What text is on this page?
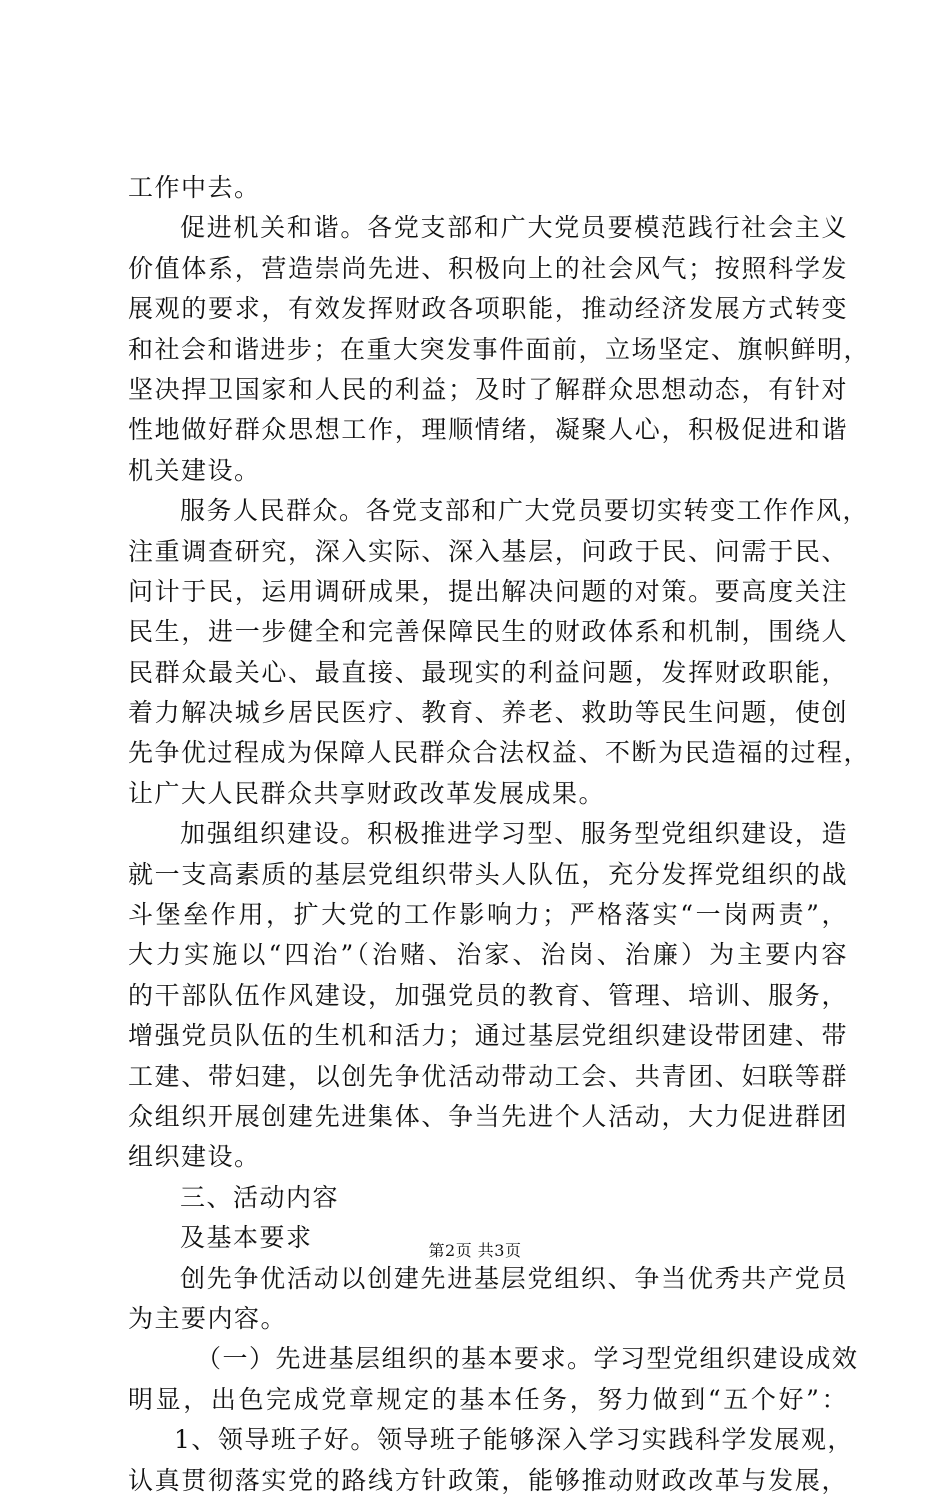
工作中去。
促进机关和谐。各党支部和广大党员要模范践行社会主义
价值体系，营造崇尚先进、积极向上的社会风气；按照科学发
展观的要求，有效发挥财政各项职能，推动经济发展方式转变
和社会和谐进步；在重大突发事件面前，立场坚定、旗帜鲜明，
坚决捍卫国家和人民的利益；及时了解群众思想动态，有针对
性地做好群众思想工作，理顺情绪，凝聚人心，积极促进和谐
机关建设。
服务人民群众。各党支部和广大党员要切实转变工作作风，
注重调查研究，深入实际、深入基层，问政于民、问需于民、
问计于民，运用调研成果，提出解决问题的对策。要高度关注
民生，进一步健全和完善保障民生的财政体系和机制，围绕人
民群众最关心、最直接、最现实的利益问题，发挥财政职能，
着力解决城乡居民医疗、教育、养老、救助等民生问题，使创
先争优过程成为保障人民群众合法权益、不断为民造福的过程，
让广大人民群众共享财政改革发展成果。
加强组织建设。积极推进学习型、服务型党组织建设，造
就一支高素质的基层党组织带头人队伍，充分发挥党组织的战
斗堡垒作用，扩大党的工作影响力；严格落实“一岗两责”，
大力实施以“四治”（治赌、治家、治岗、治廉）为主要内容
的干部队伍作风建设，加强党员的教育、管理、培训、服务，
增强党员队伍的生机和活力；通过基层党组织建设带团建、带
工建、带妇建，以创先争优活动带动工会、共青团、妇联等群
众组织开展创建先进集体、争当先进个人活动，大力促进群团
组织建设。
三、活动内容
及基本要求
创先争优活动以创建先进基层党组织、争当优秀共产党员
为主要内容。
（一）先进基层组织的基本要求。学习型党组织建设成效
明显，出色完成党章规定的基本任务，努力做到“五个好”：
1、领导班子好。领导班子能够深入学习实践科学发展观，
认真贯彻落实党的路线方针政策，能够推动财政改革与发展，
第2页 共3页
